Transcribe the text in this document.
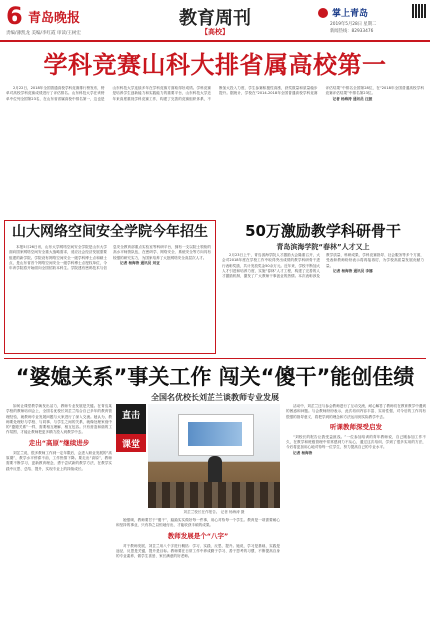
6 青岛晚报
责编/薄凯龙 美编/李红霞 审读/王树宏
教育周刊
【高校】
掌上青岛
2019年5月28日 星期二
新闻热线：82933476
学科竞赛山科大排省属高校第一

2月22日，2018年全国普通高校学科竞赛排行榜发布，榜单对高校学科竞赛成绩进行了评估排名。山东科技大学在该榜单中位列全国第23名，在山东省省属高校中排名第一，这也是山东科技大学连续多年在学科竞赛方面取得好成绩。学科竞赛是培养学生创新能力和实践能力的重要平台，山东科技大学近年来高度重视学科竞赛工作，构建了完善的竞赛组织体系，不断加大投入力度，学生参赛积极性高涨，获奖数量和质量稳步提升。据统计，学校在“2014-2018年全国普通高校学科竞赛评估结果”中排名全国第28位，在“2018年全国普通高校学科竞赛评估结果”中排名第23位。

记者 杨海涛 通讯员 汪振

山大网络空间安全学院今年招生

本报5月26日讯，山东大学网络空间安全学院是山东大学面向国家网络空间安全重大战略需求，适应社会经济发展需要组建的新学院。学院设有网络空间安全一级学科博士点和硕士点，是山东省首个网络空间安全一级学科博士点授权单位，今年该学院将开始面向全国招收本科生。学院建有密码技术与信息安全教育部重点实验室等科研平台，拥有一支以院士领衔的高水平师资队伍，在密码学、网络安全、系统安全等方向具有较强的研究实力，为国家培养了大批网络安全高层次人才。

记者 杨海涛 通讯员 刘亚

50万激励教学科研骨干
青岛滨海学院“春林”人才又上

2月23日上午，青岛滨海学院人才激励大会隆重召开，大会对2018年度在学校工作中取得突出成绩的教学科研骨干进行表彰奖励，共计发放奖金50余万元。近年来，学校不断加大人才引进和培养力度，实施“春林”人才工程，构建了完善的人才激励机制，激发了广大教师干事创业的热情。本次表彰涉及教学质量、科研成果、学科竞赛指导、社会服务等多个方面，受表彰教师纷纷表示将再接再厉，为学校高质量发展贡献力量。

记者 杨海涛 通讯员 李娜

“婆媳关系”事关工作 闯关“傻干”能创佳绩
全国名优校长刘芷兰谈教师专业发展

如何让课堂教学焕发出活力，教师专业发展是关键。在青岛某学校的教师培训会上，全国名优校长刘芷兰结合自己多年的教育管理经验，就教师专业发展问题与大家进行了深入交流。她认为，教师要处理好与学校、与同事、与学生之间的关系，就像处理家庭中的“婆媳关系”一样，需要相互理解、相互包容。只有营造和谐的工作氛围，才能让教师把更多精力投入到教学中去。

走出“高原”继续进步

刘芷兰说，很多教师工作到一定年限后，会进入职业发展的“高原期”，教学水平停滞不前，工作热情下降。要走出“高原”，教师需要不断学习，更新教育理念，勇于尝试新的教学方法，在教学实践中反思、总结、提升，实现专业上的持续成长。

直击
课堂
刘芷兰校长在作报告。 记者 杨海涛 摄

她强调，教师要甘于“傻干”，踏踏实实做好每一件事，用心对待每一个学生。教育是一项需要耐心和坚持的事业，只有持之以恒地付出，才能收获丰硕的成果。

教师发展是个“八字”

对于教师发展，刘芷兰用八个字进行概括：学习、实践、反思、提升。她说，学习是基础，实践是途径，反思是关键，提升是目标。教师要在日常工作中养成勤于学习、善于思考的习惯，不断提高自身的专业素养，做学生喜爱、家长满意的好老师。

活动中，刘芷兰还与参会教师进行了互动交流，耐心解答了教师们在教育教学中遇到的困惑和问题。与会教师纷纷表示，此次培训内容丰富、实用性强，对今后的工作具有很强的指导意义，将把学到的理念和方法运用到实际教学中去。

听课教师深受启发

“刘校长的报告让我受益匪浅。”一位参加培训的青年教师说，自己刚参加工作不久，在教学和班级管理中常常感到力不从心，通过这次培训，学到了很多实用的方法，今后将更加用心地对待每一位学生，努力提高自己的专业水平。

记者 杨海涛
